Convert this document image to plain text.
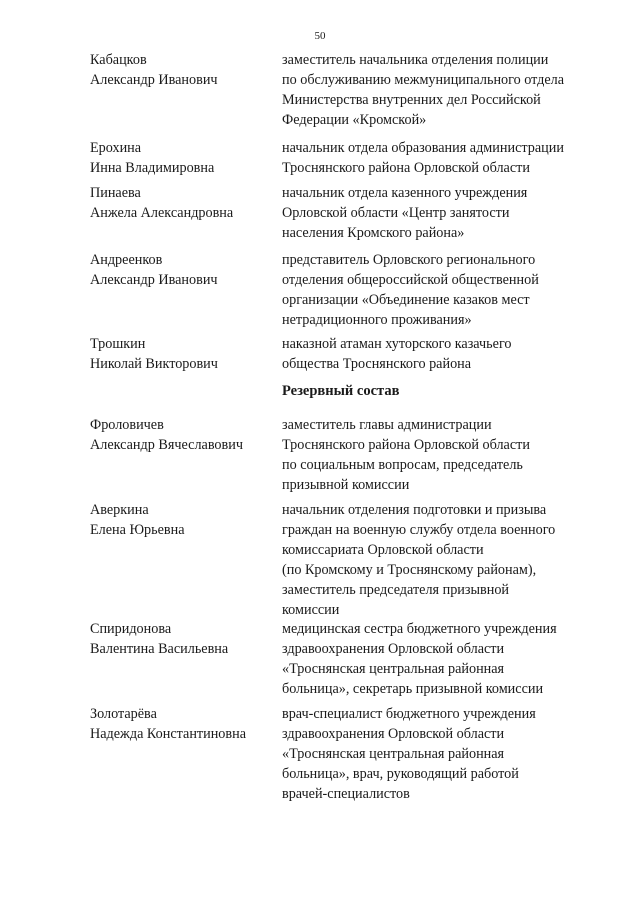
50
Кабацков
Александр Иванович
заместитель начальника отделения полиции
по обслуживанию межмуниципального отдела
Министерства внутренних дел Российской
Федерации «Кромской»
Ерохина
Инна Владимировна
начальник отдела образования администрации
Троснянского района Орловской области
Пинаева
Анжела Александровна
начальник отдела казенного учреждения
Орловской области «Центр занятости
населения Кромского района»
Андреенков
Александр Иванович
представитель Орловского регионального
отделения общероссийской общественной
организации «Объединение казаков мест
нетрадиционного проживания»
Трошкин
Николай Викторович
наказной атаман хуторского казачьего
общества Троснянского района
Резервный состав
Фроловичев
Александр Вячеславович
заместитель главы администрации
Троснянского района Орловской области
по социальным вопросам, председатель
призывной комиссии
Аверкина
Елена Юрьевна
начальник отделения подготовки и призыва
граждан на военную службу отдела военного
комиссариата Орловской области
(по Кромскому и Троснянскому районам),
заместитель председателя призывной
комиссии
Спиридонова
Валентина Васильевна
медицинская сестра бюджетного учреждения
здравоохранения Орловской области
«Троснянская центральная районная
больница», секретарь призывной комиссии
Золотарёва
Надежда Константиновна
врач-специалист бюджетного учреждения
здравоохранения Орловской области
«Троснянская центральная районная
больница», врач, руководящий работой
врачей-специалистов
